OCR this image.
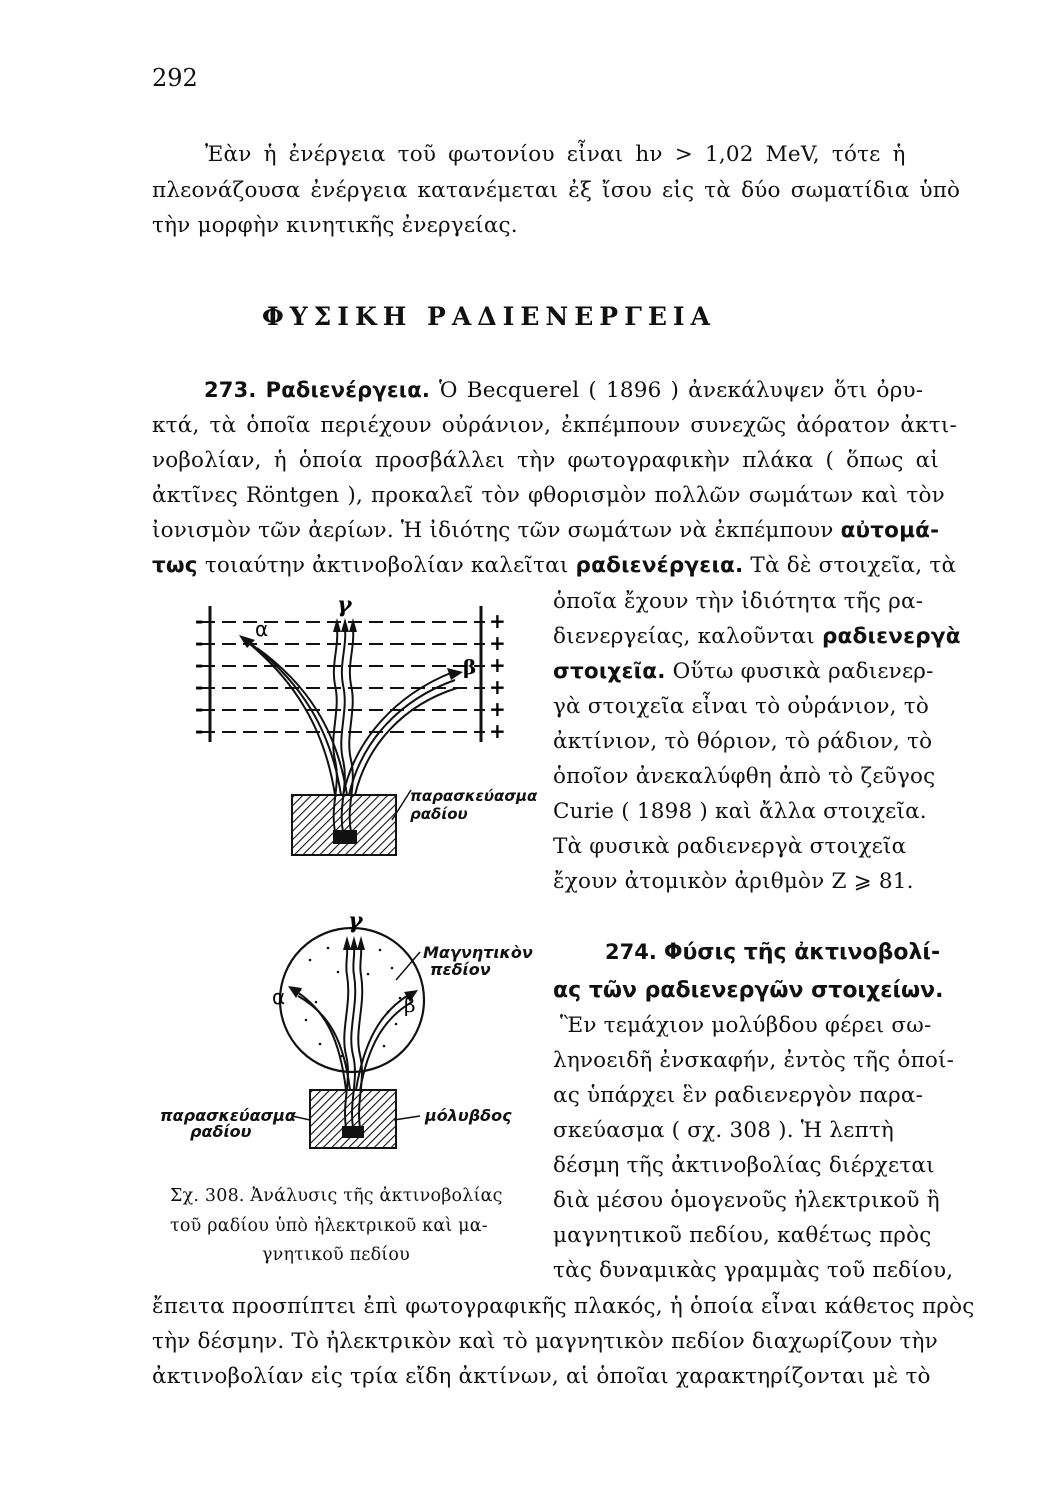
292
Ἐὰν ἡ ἐνέργεια τοῦ φωτονίου εἶναι hν > 1,02 MeV, τότε ἡ
πλεονάζουσα ἐνέργεια κατανέμεται ἐξ ἴσου εἰς τὰ δύο σωματίδια ὑπὸ
τὴν μορφὴν κινητικῆς ἐνεργείας.
ΦΥΣΙΚΗ ΡΑΔΙΕΝΕΡΓΕΙΑ
273. Ραδιενέργεια. Ὁ Becquerel ( 1896 ) ἀνεκάλυψεν ὅτι ὀρυ-
κτά, τὰ ὁποῖα περιέχουν οὐράνιον, ἐκπέμπουν συνεχῶς ἀόρατον ἀκτι-
νοβολίαν, ἡ ὁποία προσβάλλει τὴν φωτογραφικὴν πλάκα ( ὅπως αἱ
ἀκτῖνες Röntgen ), προκαλεῖ τὸν φθορισμὸν πολλῶν σωμάτων καὶ τὸν
ἰονισμὸν τῶν ἀερίων. Ἡ ἰδιότης τῶν σωμάτων νὰ ἐκπέμπουν αὐτομά-
τως τοιαύτην ἀκτινοβολίαν καλεῖται ραδιενέργεια. Τὰ δὲ στοιχεῖα, τὰ
ὁποῖα ἔχουν τὴν ἰδιότητα τῆς ρα-
διενεργείας, καλοῦνται ραδιενεργὰ
στοιχεῖα. Οὕτω φυσικὰ ραδιενερ-
γὰ στοιχεῖα εἶναι τὸ οὐράνιον, τὸ
ἀκτίνιον, τὸ θόριον, τὸ ράδιον, τὸ
ὁποῖον ἀνεκαλύφθη ἀπὸ τὸ ζεῦγος
Curie ( 1898 ) καὶ ἄλλα στοιχεῖα.
Τὰ φυσικὰ ραδιενεργὰ στοιχεῖα
ἔχουν ἀτομικὸν ἀριθμὸν Z ⩾ 81.
274. Φύσις τῆς ἀκτινοβολί-
ας τῶν ραδιενεργῶν στοιχείων.
Ἓν τεμάχιον μολύβδου φέρει σω-
ληνοειδῆ ἐνσκαφήν, ἐντὸς τῆς ὁποί-
ας ὑπάρχει ἓν ραδιενεργὸν παρα-
σκεύασμα ( σχ. 308 ). Ἡ λεπτὴ
δέσμη τῆς ἀκτινοβολίας διέρχεται
διὰ μέσου ὁμογενοῦς ἠλεκτρικοῦ ἢ
μαγνητικοῦ πεδίου, καθέτως πρὸς
τὰς δυναμικὰς γραμμὰς τοῦ πεδίου,
ἔπειτα προσπίπτει ἐπὶ φωτογραφικῆς πλακός, ἡ ὁποία εἶναι κάθετος πρὸς
τὴν δέσμην. Τὸ ἠλεκτρικὸν καὶ τὸ μαγνητικὸν πεδίον διαχωρίζουν τὴν
ἀκτινοβολίαν εἰς τρία εἴδη ἀκτίνων, αἱ ὁποῖαι χαρακτηρίζονται μὲ τὸ
Σχ. 308. Ἀνάλυσις τῆς ἀκτινοβολίας
τοῦ ραδίου ὑπὸ ἠλεκτρικοῦ καὶ μα-
γνητικοῦ πεδίου
γ
α
β
+
+
+
+
+
+
-
-
-
-
-
-
παρασκεύασμα
ραδίου
γ
α	β
Μαγνητικὸν
πεδίον
παρασκεύασμα
ραδίου
μόλυβδος
